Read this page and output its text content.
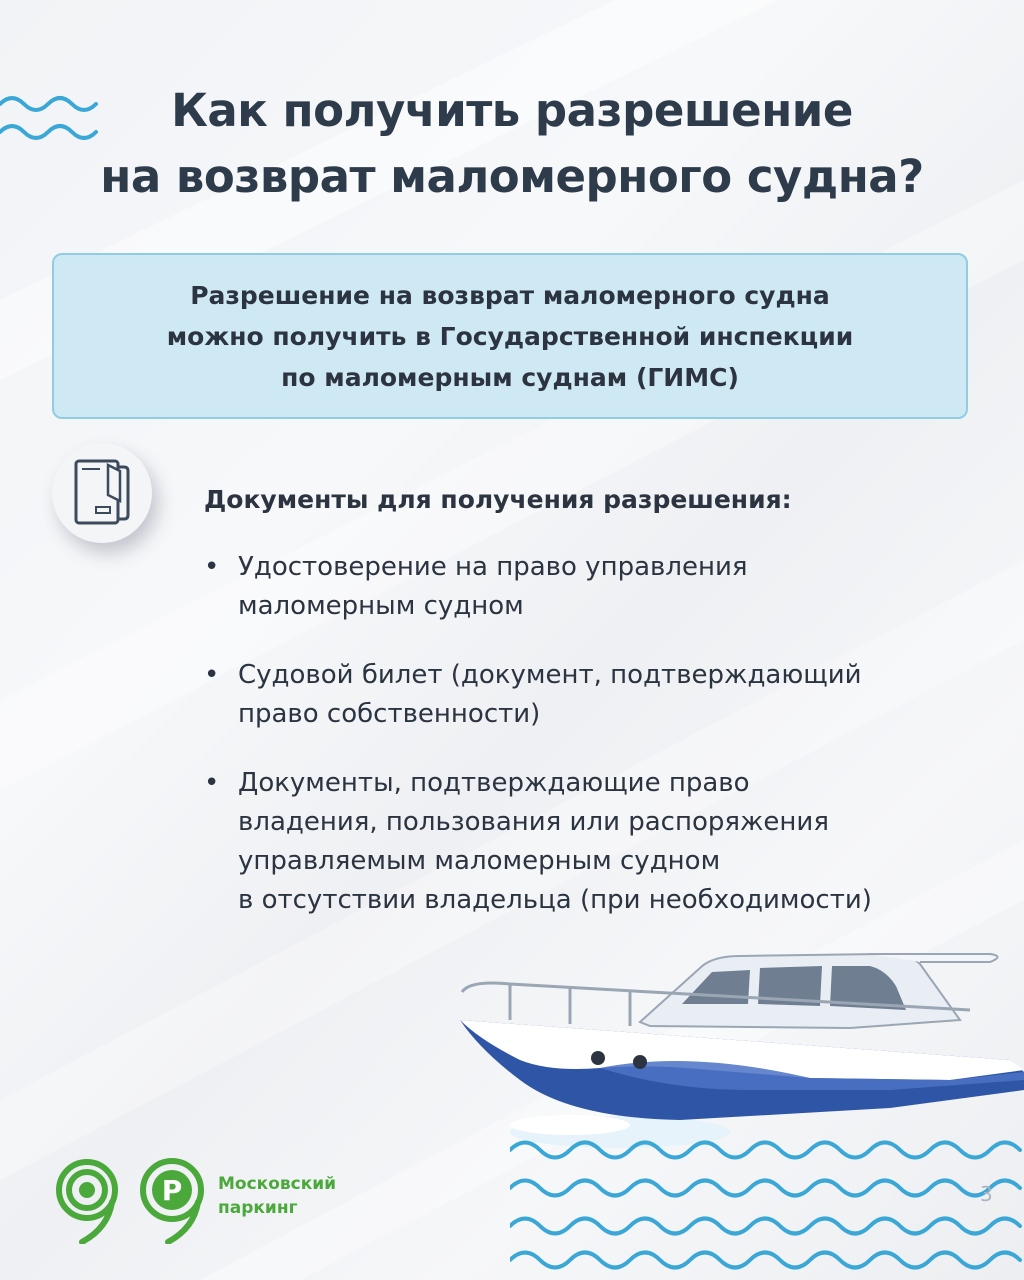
Как получить разрешение
на возврат маломерного судна?

Разрешение на возврат маломерного судна
можно получить в Государственной инспекции
по маломерным суднам (ГИМС)

Документы для получения разрешения:
• Удостоверение на право управления
маломерным судном
• Судовой билет (документ, подтверждающий
право собственности)
• Документы, подтверждающие право
владения, пользования или распоряжения
управляемым маломерным судном
в отсутствии владельца (при необходимости)
P Московский
паркинг

3
